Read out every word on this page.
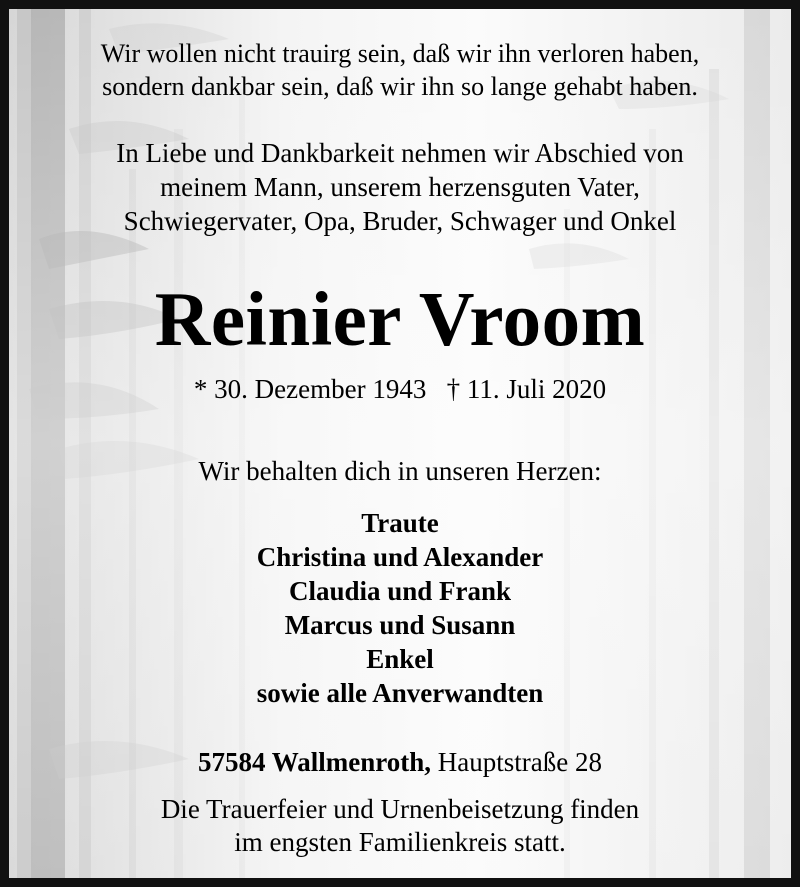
Wir wollen nicht trauirg sein, daß wir ihn verloren haben,
sondern dankbar sein, daß wir ihn so lange gehabt haben.
In Liebe und Dankbarkeit nehmen wir Abschied von
meinem Mann, unserem herzensguten Vater,
Schwiegervater, Opa, Bruder, Schwager und Onkel
Reinier Vroom
* 30. Dezember 1943 † 11. Juli 2020
Wir behalten dich in unseren Herzen:
Traute
Christina und Alexander
Claudia und Frank
Marcus und Susann
Enkel
sowie alle Anverwandten
57584 Wallmenroth, Hauptstraße 28
Die Trauerfeier und Urnenbeisetzung finden
im engsten Familienkreis statt.
